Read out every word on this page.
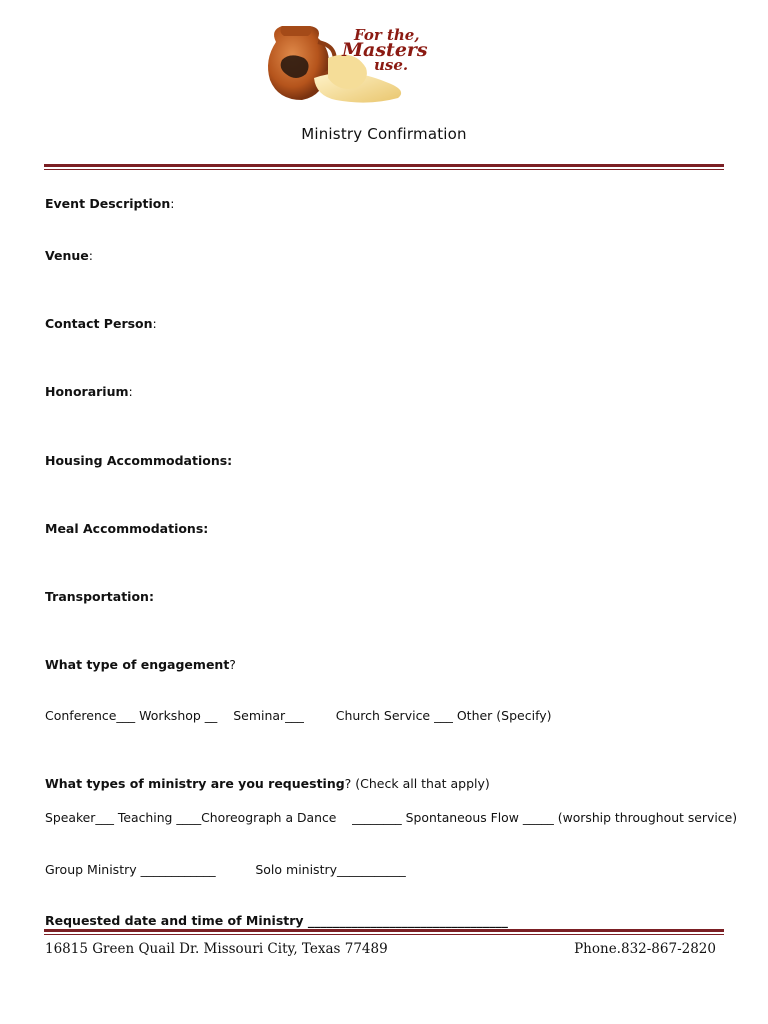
For the,
Masters
use.
Ministry Confirmation
Event Description:
Venue:
Contact Person:
Honorarium:
Housing Accommodations:
Meal Accommodations:
Transportation:
What type of engagement?
Conference___ Workshop __    Seminar___        Church Service ___ Other (Specify)
What types of ministry are you requesting? (Check all that apply)
Speaker___ Teaching ____Choreograph a Dance    ________ Spontaneous Flow _____ (worship throughout service)
Group Ministry ____________          Solo ministry___________
Requested date and time of Ministry ________________________________
16815 Green Quail Dr. Missouri City, Texas 77489	Phone.832-867-2820
